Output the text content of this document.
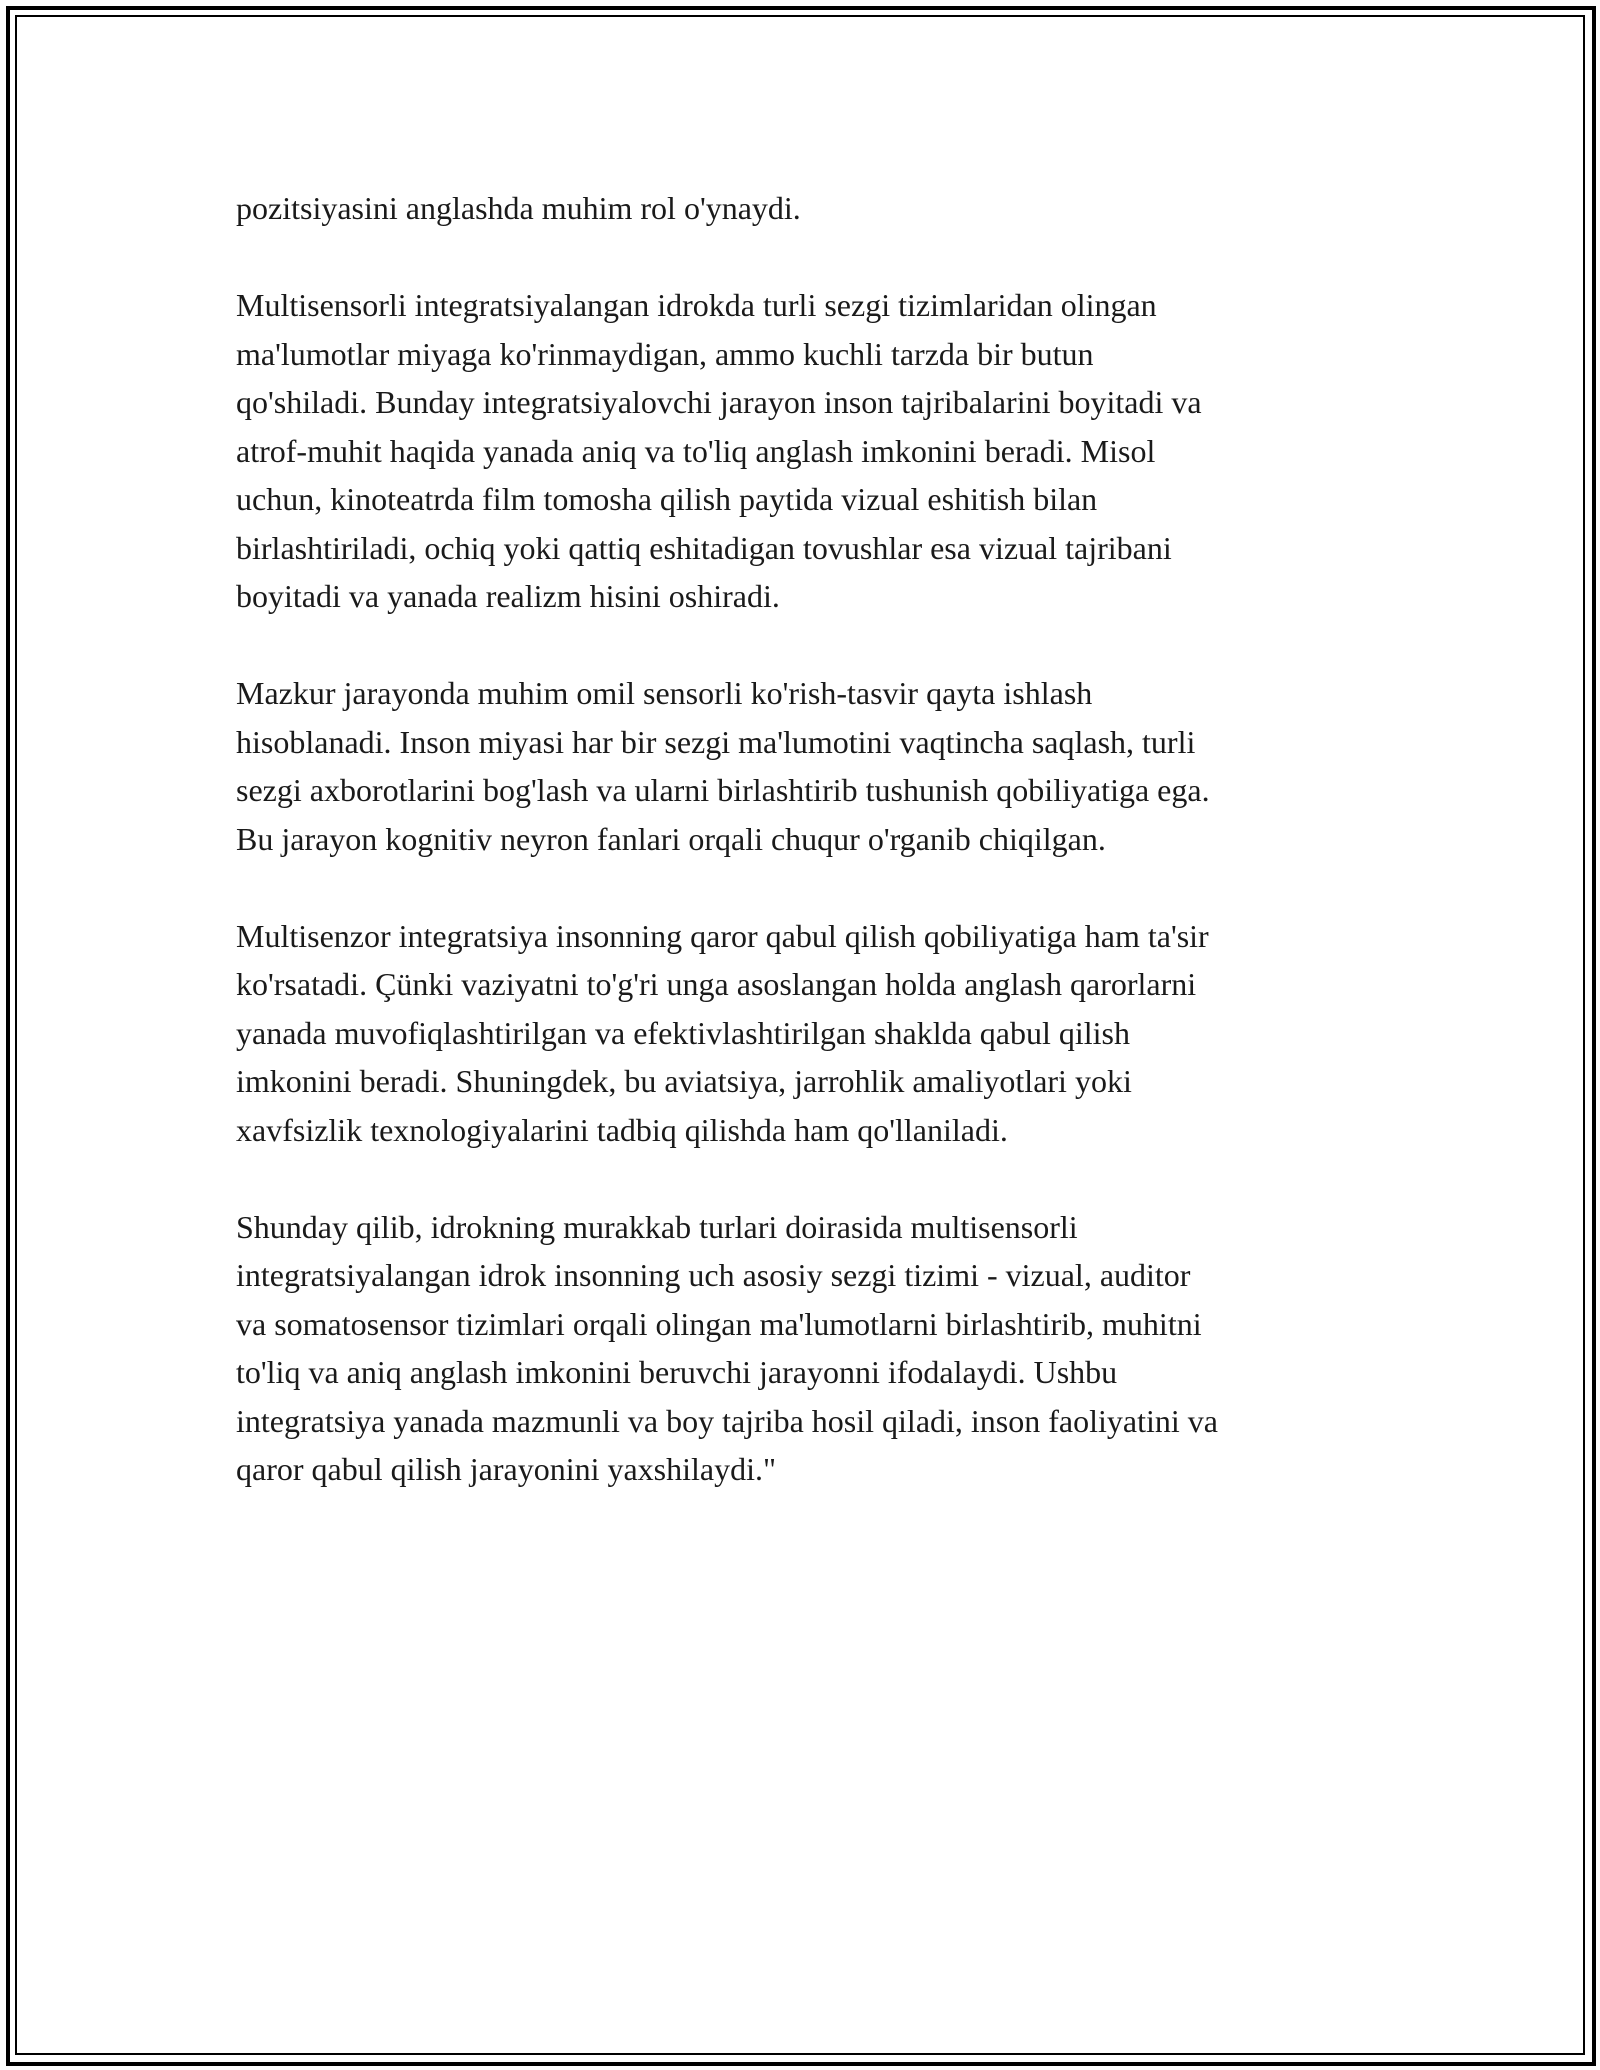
pozitsiyasini anglashda muhim rol o'ynaydi.

Multisensorli integratsiyalangan idrokda turli sezgi tizimlaridan olingan
ma'lumotlar miyaga ko'rinmaydigan, ammo kuchli tarzda bir butun
qo'shiladi. Bunday integratsiyalovchi jarayon inson tajribalarini boyitadi va
atrof-muhit haqida yanada aniq va to'liq anglash imkonini beradi. Misol
uchun, kinoteatrda film tomosha qilish paytida vizual eshitish bilan
birlashtiriladi, ochiq yoki qattiq eshitadigan tovushlar esa vizual tajribani
boyitadi va yanada realizm hisini oshiradi.

Mazkur jarayonda muhim omil sensorli ko'rish-tasvir qayta ishlash
hisoblanadi. Inson miyasi har bir sezgi ma'lumotini vaqtincha saqlash, turli
sezgi axborotlarini bog'lash va ularni birlashtirib tushunish qobiliyatiga ega.
Bu jarayon kognitiv neyron fanlari orqali chuqur o'rganib chiqilgan.

Multisenzor integratsiya insonning qaror qabul qilish qobiliyatiga ham ta'sir
ko'rsatadi. Çünki vaziyatni to'g'ri unga asoslangan holda anglash qarorlarni
yanada muvofiqlashtirilgan va efektivlashtirilgan shaklda qabul qilish
imkonini beradi. Shuningdek, bu aviatsiya, jarrohlik amaliyotlari yoki
xavfsizlik texnologiyalarini tadbiq qilishda ham qo'llaniladi.

Shunday qilib, idrokning murakkab turlari doirasida multisensorli
integratsiyalangan idrok insonning uch asosiy sezgi tizimi - vizual, auditor
va somatosensor tizimlari orqali olingan ma'lumotlarni birlashtirib, muhitni
to'liq va aniq anglash imkonini beruvchi jarayonni ifodalaydi. Ushbu
integratsiya yanada mazmunli va boy tajriba hosil qiladi, inson faoliyatini va
qaror qabul qilish jarayonini yaxshilaydi."
